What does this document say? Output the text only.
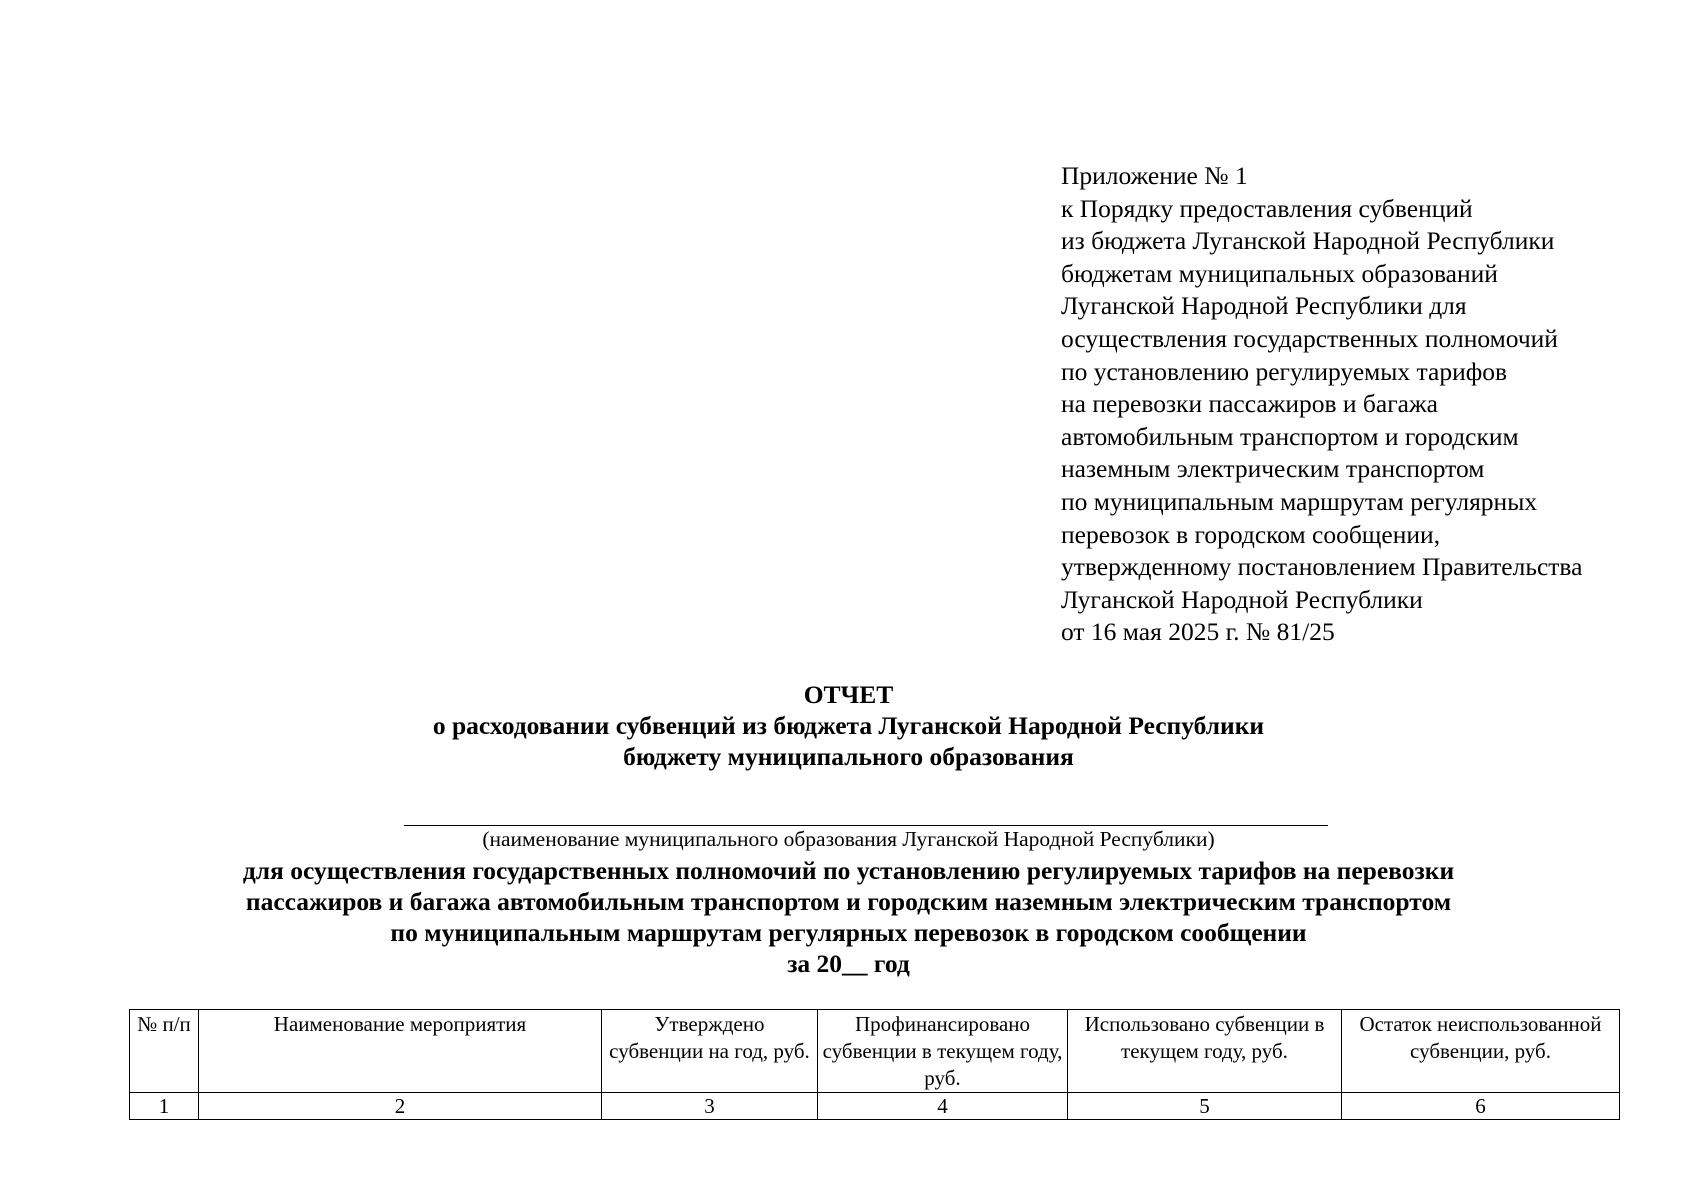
Приложение № 1
к Порядку предоставления субвенций
из бюджета Луганской Народной Республики
бюджетам муниципальных образований
Луганской Народной Республики для
осуществления государственных полномочий
по установлению регулируемых тарифов
на перевозки пассажиров и багажа
автомобильным транспортом и городским
наземным электрическим транспортом
по муниципальным маршрутам регулярных
перевозок в городском сообщении,
утвержденному постановлением Правительства
Луганской Народной Республики
от 16 мая 2025 г. № 81/25
ОТЧЕТ
о расходовании субвенций из бюджета Луганской Народной Республики
бюджету муниципального образования
(наименование муниципального образования Луганской Народной Республики)
для осуществления государственных полномочий по установлению регулируемых тарифов на перевозки
пассажиров и багажа автомобильным транспортом и городским наземным электрическим транспортом
по муниципальным маршрутам регулярных перевозок в городском сообщении
за 20__ год
№ п/п	Наименование мероприятия	Утверждено субвенции на год, руб.	Профинансировано субвенции в текущем году, руб.	Использовано субвенции в текущем году, руб.	Остаток неиспользованной субвенции, руб.
1	2	3	4	5	6
